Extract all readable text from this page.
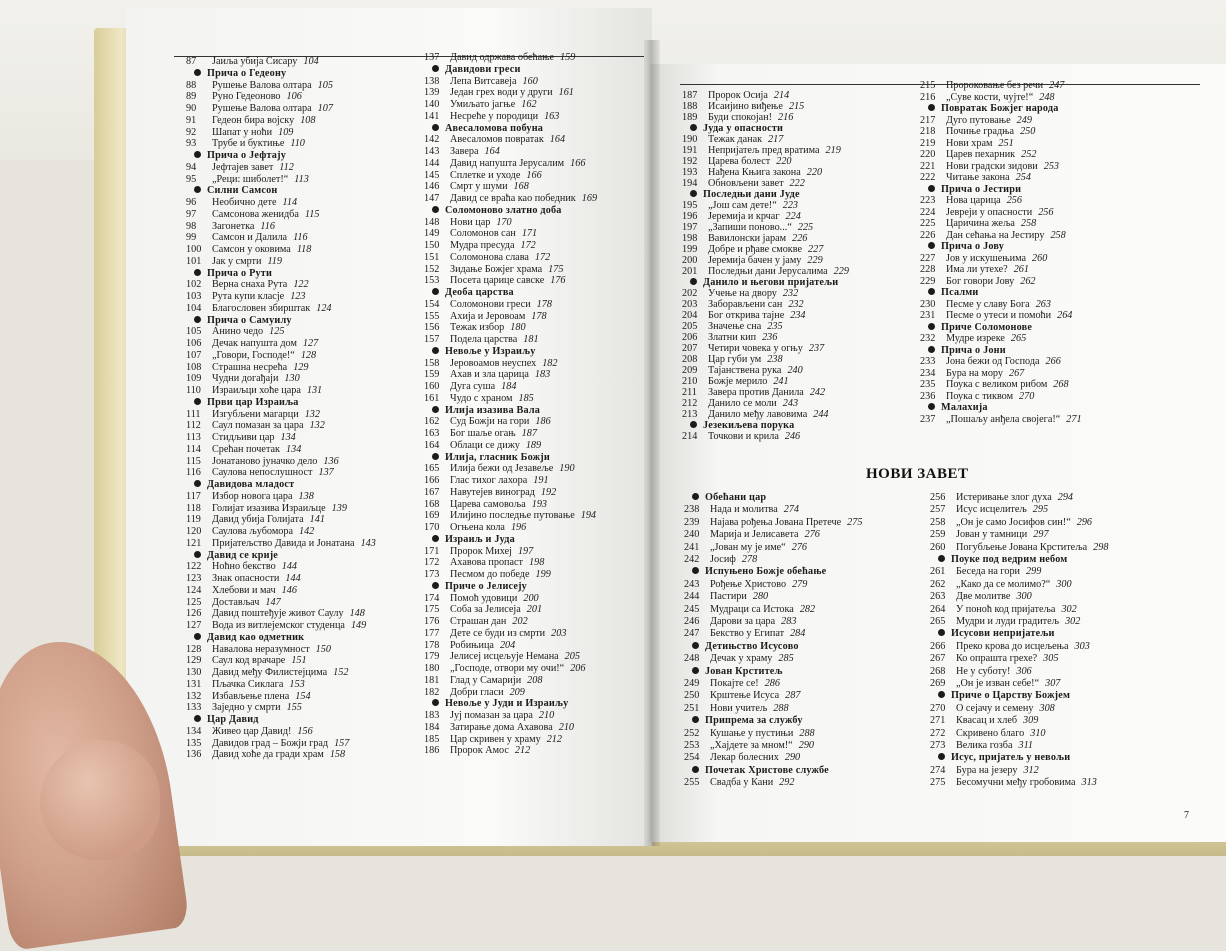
НОВИ ЗАВЕТ
7
87 Јаиља убија Сисару 104
Прича о Гедеону
88 Рушење Валова олтара 105
89 Руно Гедеоново 106
90 Рушење Валова олтара 107
91 Гедеон бира војску 108
92 Шапат у ноћи 109
93 Трубе и буктиње 110
Прича о Јефтају
94 Јефтајев завет 112
95 „Реци: шиболет!“ 113
Силни Самсон
96 Необично дете 114
97 Самсонова женидба 115
98 Загонетка 116
99 Самсон и Далила 116
100 Самсон у оковима 118
101 Јак у смрти 119
Прича о Рути
102 Верна снаха Рута 122
103 Рута купи класје 123
104 Благословен збирштак 124
Прича о Самуилу
105 Анино чедо 125
106 Дечак напушта дом 127
107 „Говори, Господе!“ 128
108 Страшна несрећа 129
109 Чудни догађаји 130
110 Израиљци хоће цара 131
Први цар Израиља
111 Изгубљени магарци 132
112 Саул помазан за цара 132
113 Стидљиви цар 134
114 Срећан почетак 134
115 Јонатаново јуначко дело 136
116 Саулова непослушност 137
Давидова младост
117 Избор новога цара 138
118 Голијат изазива Израиљце 139
119 Давид убија Голијата 141
120 Саулова љубомора 142
121 Пријатељство Давида и Јонатана 143
Давид се крије
122 Ноћно бекство 144
123 Знак опасности 144
124 Хлебови и мач 146
125 Достављач 147
126 Давид поштеђује живот Саулу 148
127 Вода из витлејемског студенца 149
Давид као одметник
128 Навалова неразумност 150
129 Саул код врачаре 151
130 Давид међу Филистејцима 152
131 Пљачка Сиклага 153
132 Избављење плена 154
133 Заједно у смрти 155
Цар Давид
134 Живео цар Давид! 156
135 Давидов град – Божји град 157
136 Давид хоће да гради храм 158
137 Давид одржава обећање 159
Давидови греси
138 Лепа Витсавеја 160
139 Један грех води у други 161
140 Умиљато јагње 162
141 Несреће у породици 163
Авесаломова побуна
142 Авесаломов повратак 164
143 Завера 164
144 Давид напушта Јерусалим 166
145 Сплетке и уходе 166
146 Смрт у шуми 168
147 Давид се враћа као победник 169
Соломоново златно доба
148 Нови цар 170
149 Соломонов сан 171
150 Мудра пресуда 172
151 Соломонова слава 172
152 Зидање Божјег храма 175
153 Посета царице савске 176
Деоба царства
154 Соломонови греси 178
155 Ахија и Јеровоам 178
156 Тежак избор 180
157 Подела царства 181
Невоље у Израиљу
158 Јеровоамов неуспех 182
159 Ахав и зла царица 183
160 Дуга суша 184
161 Чудо с храном 185
Илија изазива Вала
162 Суд Божји на гори 186
163 Бог шаље огањ 187
164 Облаци се дижу 189
Илија, гласник Божји
165 Илија бежи од Језавеље 190
166 Глас тихог лахора 191
167 Навутејев виноград 192
168 Царева самовоља 193
169 Илијино последње путовање 194
170 Огњена кола 196
Израиљ и Јуда
171 Пророк Михеј 197
172 Ахавова пропаст 198
173 Песмом до победе 199
Приче о Јелисеју
174 Помоћ удовици 200
175 Соба за Јелисеја 201
176 Страшан дан 202
177 Дете се буди из смрти 203
178 Робињица 204
179 Јелисеј исцељује Немана 205
180 „Господе, отвори му очи!“ 206
181 Глад у Самарији 208
182 Добри гласи 209
Невоље у Јуди и Израиљу
183 Јуј помазан за цара 210
184 Затирање дома Ахавова 210
185 Цар скривен у храму 212
186 Пророк Амос 212
187 Пророк Осија 214
188 Исаијино виђење 215
189 Буди спокојан! 216
Јуда у опасности
190 Тежак данак 217
191 Непријатељ пред вратима 219
192 Царева болест 220
193 Нађена Књига закона 220
194 Обновљени завет 222
Последњи дани Јуде
195 „Још сам дете!“ 223
196 Јеремија и крчаг 224
197 „Запиши поново...“ 225
198 Вавилонски јарам 226
199 Добре и рђаве смокве 227
200 Јеремија бачен у јаму 229
201 Последњи дани Јерусалима 229
Данило и његови пријатељи
202 Учење на двору 232
203 Заборављени сан 232
204 Бог открива тајне 234
205 Значење сна 235
206 Златни кип 236
207 Четири човека у огњу 237
208 Цар губи ум 238
209 Тајанствена рука 240
210 Божје мерило 241
211 Завера против Данила 242
212 Данило се моли 243
213 Данило међу лавовима 244
Језекиљева порука
214 Точкови и крила 246
215 Пророковање без речи 247
216 „Суве кости, чујте!“ 248
Повратак Божјег народа
217 Дуго путовање 249
218 Почиње градња 250
219 Нови храм 251
220 Царев пехарник 252
221 Нови градски зидови 253
222 Читање закона 254
Прича о Јестири
223 Нова царица 256
224 Јевреји у опасности 256
225 Царичина жеља 258
226 Дан сећања на Јестиру 258
Прича о Јову
227 Јов у искушењима 260
228 Има ли утехе? 261
229 Бог говори Јову 262
Псалми
230 Песме у славу Бога 263
231 Песме о утеси и помоћи 264
Приче Соломонове
232 Мудре изреке 265
Прича о Јони
233 Јона бежи од Господа 266
234 Бура на мору 267
235 Поука с великом рибом 268
236 Поука с тиквом 270
Малахија
237 „Пошаљу анђела својега!“ 271
Обећани цар
238 Нада и молитва 274
239 Најава рођења Јована Претече 275
240 Марија и Јелисавета 276
241 „Јован му је име“ 276
242 Јосиф 278
Испуњено Божје обећање
243 Рођење Христово 279
244 Пастири 280
245 Мудраци са Истока 282
246 Дарови за цара 283
247 Бекство у Египат 284
Детињство Исусово
248 Дечак у храму 285
Јован Крститељ
249 Покајте се! 286
250 Крштење Исуса 287
251 Нови учитељ 288
Припрема за службу
252 Кушање у пустињи 288
253 „Хајдете за мном!“ 290
254 Лекар болесних 290
Почетак Христове службе
255 Свадба у Кани 292
256 Истеривање злог духа 294
257 Исус исцелитељ 295
258 „Он је само Јосифов син!“ 296
259 Јован у тамници 297
260 Погубљење Јована Крститеља 298
Поуке под ведрим небом
261 Беседа на гори 299
262 „Како да се молимо?“ 300
263 Две молитве 300
264 У поноћ код пријатеља 302
265 Мудри и луди градитељ 302
Исусови непријатељи
266 Преко крова до исцељења 303
267 Ко опрашта грехе? 305
268 Не у суботу! 306
269 „Он је изван себе!“ 307
Приче о Царству Божјем
270 О сејачу и семену 308
271 Квасац и хлеб 309
272 Скривено благо 310
273 Велика гозба 311
Исус, пријатељ у невољи
274 Бура на језеру 312
275 Бесомучни међу гробовима 313
